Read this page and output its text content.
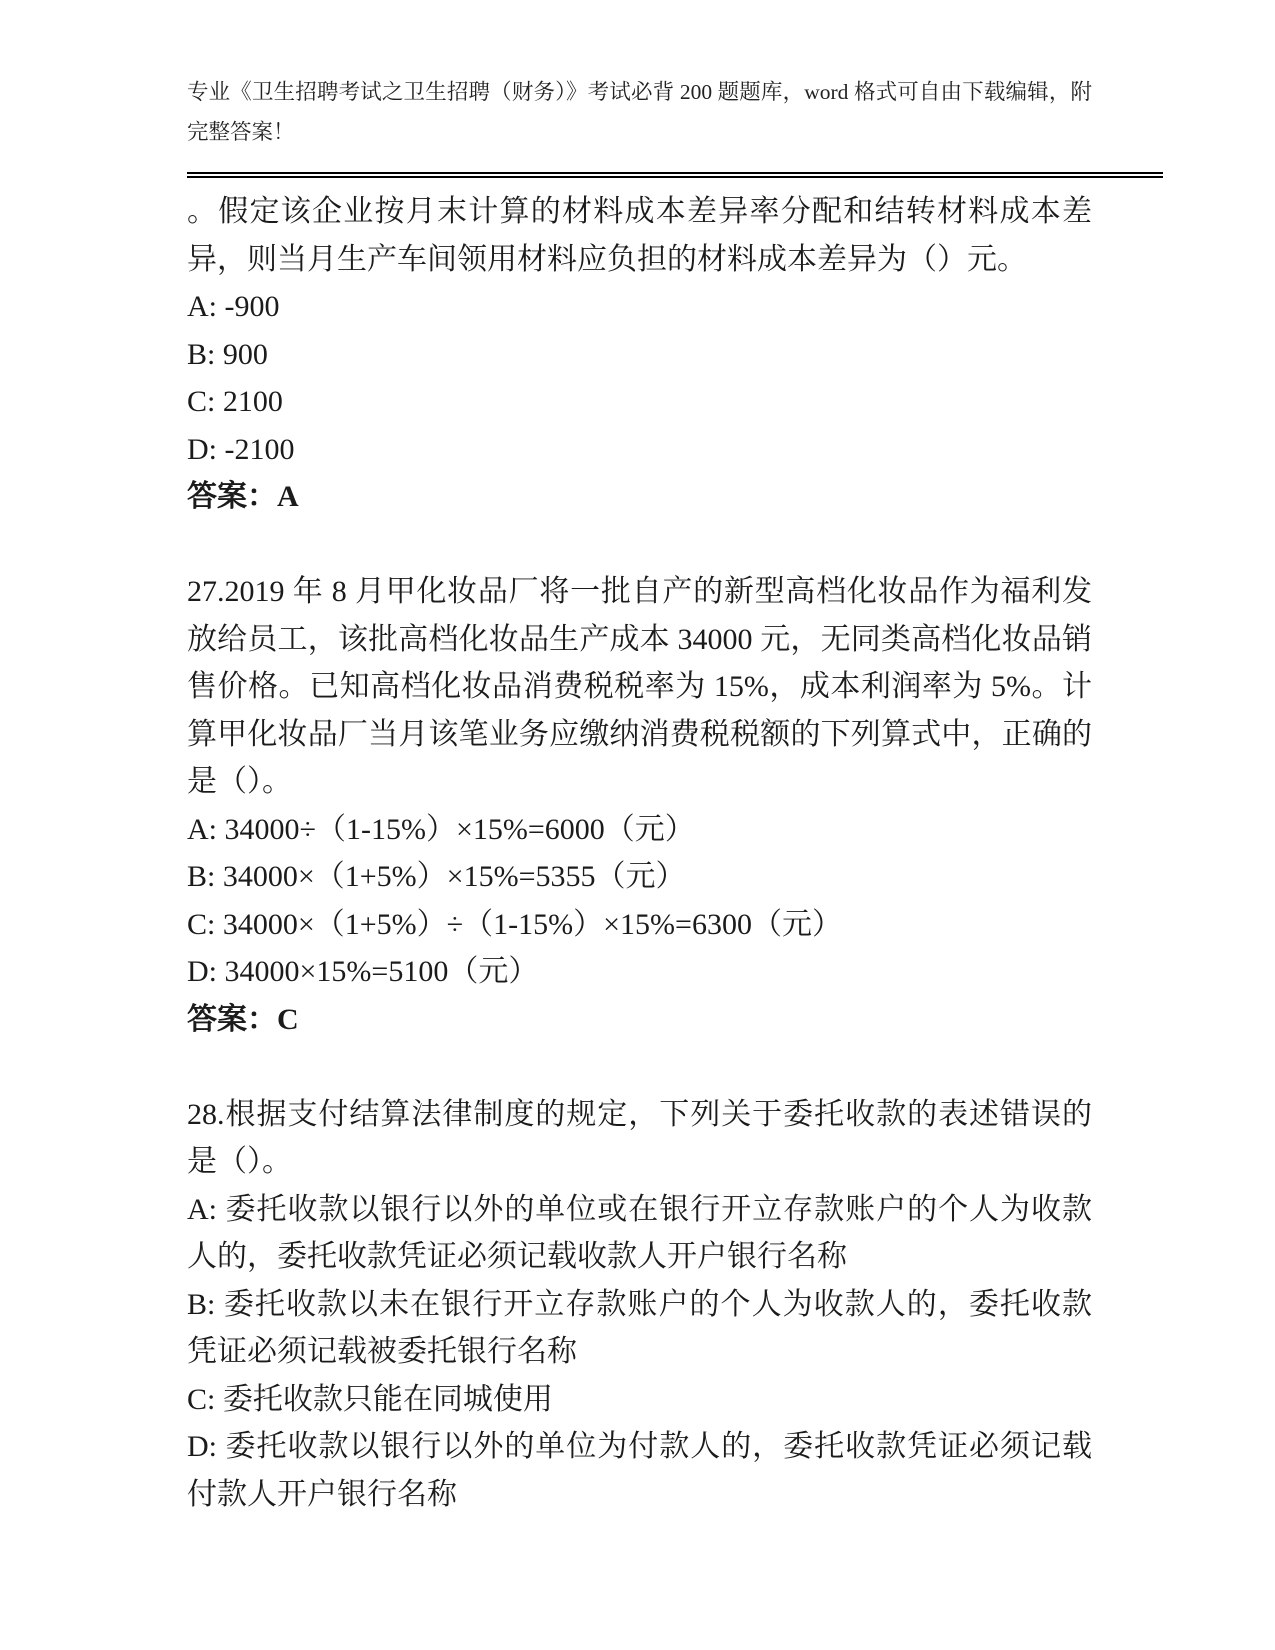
专业《卫生招聘考试之卫生招聘（财务）》考试必背 200 题题库，word 格式可自由下载编辑，附完整答案！

。假定该企业按月末计算的材料成本差异率分配和结转材料成本差异，则当月生产车间领用材料应负担的材料成本差异为（）元。

A: -900

B: 900

C: 2100

D: -2100

答案：A

27.2019 年 8 月甲化妆品厂将一批自产的新型高档化妆品作为福利发放给员工，该批高档化妆品生产成本 34000 元，无同类高档化妆品销售价格。已知高档化妆品消费税税率为 15%，成本利润率为 5%。计算甲化妆品厂当月该笔业务应缴纳消费税税额的下列算式中，正确的是（）。

A: 34000÷（1-15%）×15%=6000（元）

B: 34000×（1+5%）×15%=5355（元）

C: 34000×（1+5%）÷（1-15%）×15%=6300（元）

D: 34000×15%=5100（元）

答案：C

28.根据支付结算法律制度的规定，下列关于委托收款的表述错误的是（）。

A: 委托收款以银行以外的单位或在银行开立存款账户的个人为收款人的，委托收款凭证必须记载收款人开户银行名称

B: 委托收款以未在银行开立存款账户的个人为收款人的，委托收款凭证必须记载被委托银行名称

C: 委托收款只能在同城使用

D: 委托收款以银行以外的单位为付款人的，委托收款凭证必须记载付款人开户银行名称
